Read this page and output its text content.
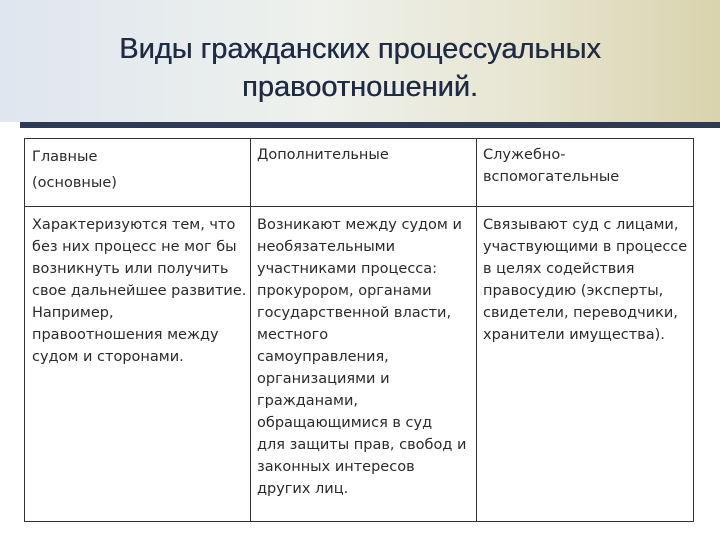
Виды гражданских процессуальных
правоотношений.
Главные
(основные)
Дополнительные	Служебно-
вспомогательные
Характеризуются тем, что
без них процесс не мог бы
возникнуть или получить
свое дальнейшее развитие.
Например,
правоотношения между
судом и сторонами.
Возникают между судом и
необязательными
участниками процесса:
прокурором, органами
государственной власти,
местного
самоуправления,
организациями и
гражданами,
обращающимися в суд
для защиты прав, свобод и
законных интересов
других лиц.
Связывают суд с лицами,
участвующими в процессе
в целях содействия
правосудию (эксперты,
свидетели, переводчики,
хранители имущества).
